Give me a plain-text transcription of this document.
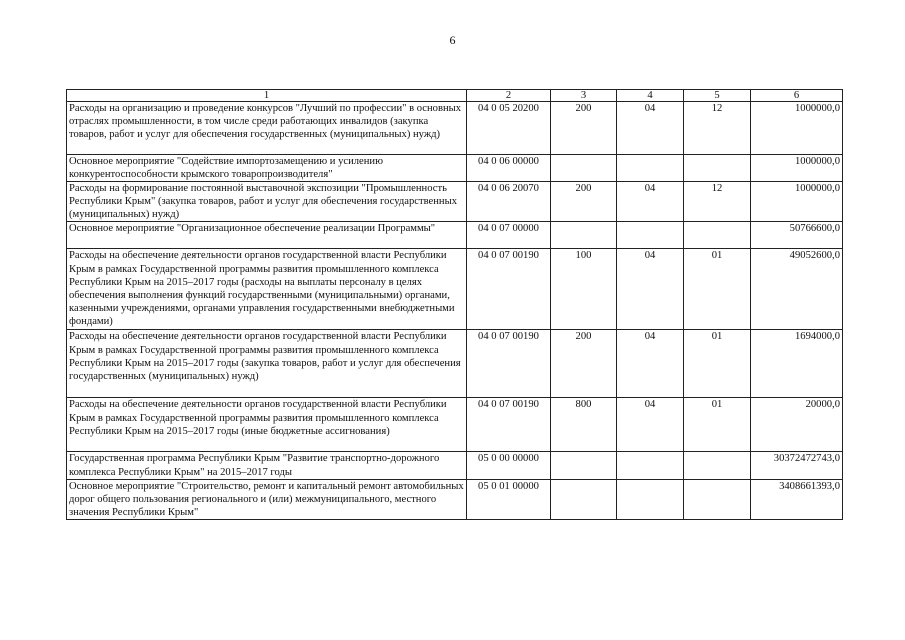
6
1	2	3	4	5	6
Расходы на организацию и проведение конкурсов "Лучший по профессии" в основных отраслях промышленности, в том числе среди работающих инвалидов (закупка товаров, работ и услуг для обеспечения государственных (муниципальных) нужд)	04 0 05 20200	200	04	12	1000000,0
Основное мероприятие "Содействие импортозамещению и усилению конкурентоспособности крымского товаропроизводителя"	04 0 06 00000				1000000,0
Расходы на формирование постоянной выставочной экспозиции "Промышленность Республики Крым" (закупка товаров, работ и услуг для обеспечения государственных (муниципальных) нужд)	04 0 06 20070	200	04	12	1000000,0
Основное мероприятие "Организационное обеспечение реализации Программы"	04 0 07 00000				50766600,0
Расходы на обеспечение деятельности органов государственной власти Республики Крым в рамках Государственной программы развития промышленного комплекса Республики Крым на 2015–2017 годы (расходы на выплаты персоналу в целях обеспечения выполнения функций государственными (муниципальными) органами, казенными учреждениями, органами управления государственными внебюджетными фондами)	04 0 07 00190	100	04	01	49052600,0
Расходы на обеспечение деятельности органов государственной власти Республики Крым в рамках Государственной программы развития промышленного комплекса Республики Крым на 2015–2017 годы (закупка товаров, работ и услуг для обеспечения государственных (муниципальных) нужд)	04 0 07 00190	200	04	01	1694000,0
Расходы на обеспечение деятельности органов государственной власти Республики Крым в рамках Государственной программы развития промышленного комплекса Республики Крым на 2015–2017 годы (иные бюджетные ассигнования)	04 0 07 00190	800	04	01	20000,0
Государственная программа Республики Крым "Развитие транспортно-дорожного комплекса Республики Крым" на 2015–2017 годы	05 0 00 00000				30372472743,0
Основное мероприятие "Строительство, ремонт и капитальный ремонт автомобильных дорог общего пользования регионального и (или) межмуниципального, местного значения Республики Крым"	05 0 01 00000				3408661393,0
